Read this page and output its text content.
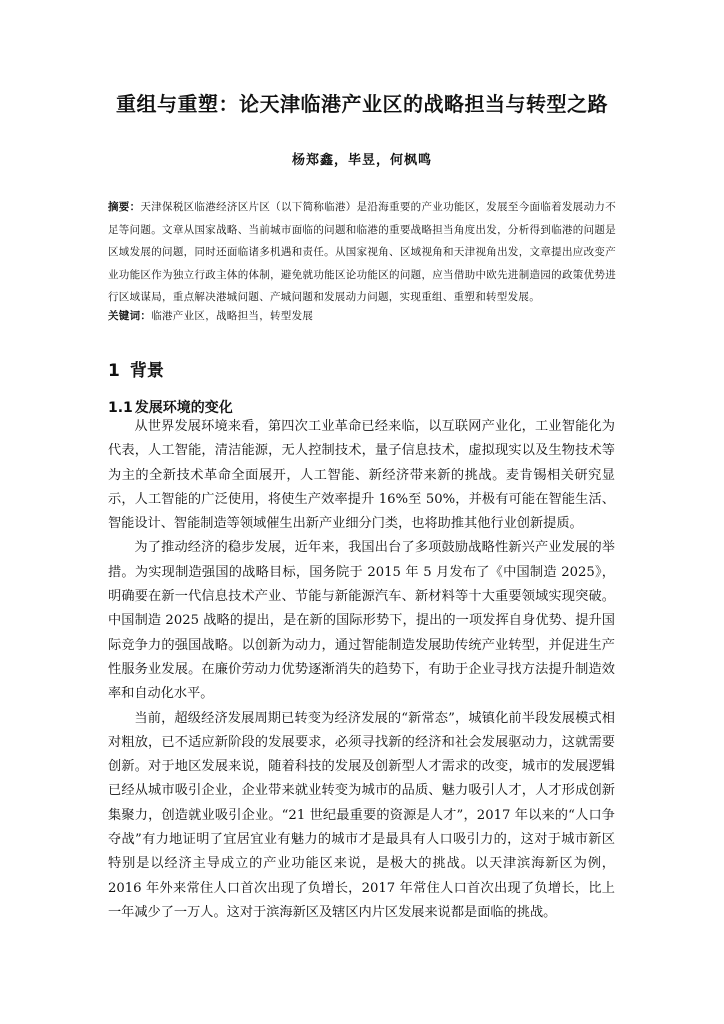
重组与重塑：论天津临港产业区的战略担当与转型之路
杨郑鑫，毕昱，何枫鸣
摘要：天津保税区临港经济区片区（以下简称临港）是沿海重要的产业功能区，发展至今面临着发展动力不足等问题。文章从国家战略、当前城市面临的问题和临港的重要战略担当角度出发，分析得到临港的问题是区域发展的问题，同时还面临诸多机遇和责任。从国家视角、区域视角和天津视角出发，文章提出应改变产业功能区作为独立行政主体的体制，避免就功能区论功能区的问题，应当借助中欧先进制造园的政策优势进行区域谋局，重点解决港城问题、产城问题和发展动力问题，实现重组、重塑和转型发展。
关键词：临港产业区，战略担当，转型发展
1 背景
1.1 发展环境的变化

从世界发展环境来看，第四次工业革命已经来临，以互联网产业化，工业智能化为代表，人工智能，清洁能源，无人控制技术，量子信息技术，虚拟现实以及生物技术等为主的全新技术革命全面展开，人工智能、新经济带来新的挑战。麦肯锡相关研究显示，人工智能的广泛使用，将使生产效率提升 16%至 50%，并极有可能在智能生活、智能设计、智能制造等领域催生出新产业细分门类，也将助推其他行业创新提质。

为了推动经济的稳步发展，近年来，我国出台了多项鼓励战略性新兴产业发展的举措。为实现制造强国的战略目标，国务院于 2015 年 5 月发布了《中国制造 2025》，明确要在新一代信息技术产业、节能与新能源汽车、新材料等十大重要领域实现突破。中国制造 2025 战略的提出，是在新的国际形势下，提出的一项发挥自身优势、提升国际竞争力的强国战略。以创新为动力，通过智能制造发展助传统产业转型，并促进生产性服务业发展。在廉价劳动力优势逐渐消失的趋势下，有助于企业寻找方法提升制造效率和自动化水平。

当前，超级经济发展周期已转变为经济发展的“新常态”，城镇化前半段发展模式相对粗放，已不适应新阶段的发展要求，必须寻找新的经济和社会发展驱动力，这就需要创新。对于地区发展来说，随着科技的发展及创新型人才需求的改变，城市的发展逻辑已经从城市吸引企业，企业带来就业转变为城市的品质、魅力吸引人才，人才形成创新集聚力，创造就业吸引企业。“21 世纪最重要的资源是人才”，2017 年以来的“人口争夺战”有力地证明了宜居宜业有魅力的城市才是最具有人口吸引力的，这对于城市新区特别是以经济主导成立的产业功能区来说，是极大的挑战。以天津滨海新区为例，2016 年外来常住人口首次出现了负增长，2017 年常住人口首次出现了负增长，比上一年减少了一万人。这对于滨海新区及辖区内片区发展来说都是面临的挑战。
